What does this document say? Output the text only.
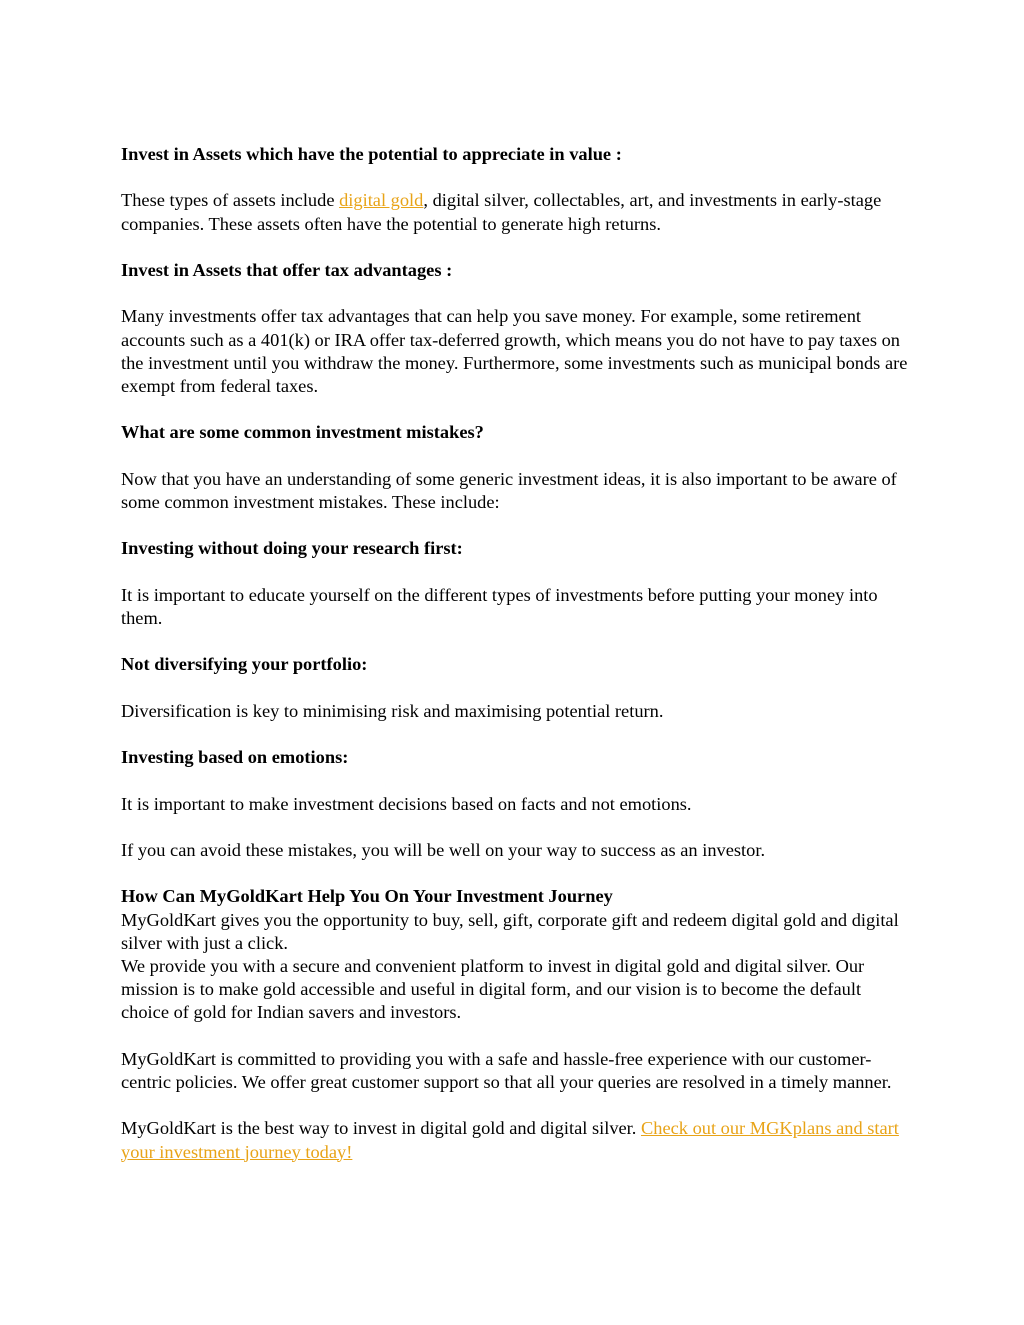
Invest in Assets which have the potential to appreciate in value :

These types of assets include digital gold, digital silver, collectables, art, and investments in early-stage companies. These assets often have the potential to generate high returns.

Invest in Assets that offer tax advantages :

Many investments offer tax advantages that can help you save money. For example, some retirement accounts such as a 401(k) or IRA offer tax-deferred growth, which means you do not have to pay taxes on the investment until you withdraw the money. Furthermore, some investments such as municipal bonds are exempt from federal taxes.

What are some common investment mistakes?

Now that you have an understanding of some generic investment ideas, it is also important to be aware of some common investment mistakes. These include:

Investing without doing your research first:

It is important to educate yourself on the different types of investments before putting your money into them.

Not diversifying your portfolio:

Diversification is key to minimising risk and maximising potential return.

Investing based on emotions:

It is important to make investment decisions based on facts and not emotions.

If you can avoid these mistakes, you will be well on your way to success as an investor.

How Can MyGoldKart Help You On Your Investment Journey

MyGoldKart gives you the opportunity to buy, sell, gift, corporate gift and redeem digital gold and digital silver with just a click.

We provide you with a secure and convenient platform to invest in digital gold and digital silver. Our mission is to make gold accessible and useful in digital form, and our vision is to become the default choice of gold for Indian savers and investors.

MyGoldKart is committed to providing you with a safe and hassle-free experience with our customer-centric policies. We offer great customer support so that all your queries are resolved in a timely manner.

MyGoldKart is the best way to invest in digital gold and digital silver. Check out our MGKplans and start your investment journey today!
